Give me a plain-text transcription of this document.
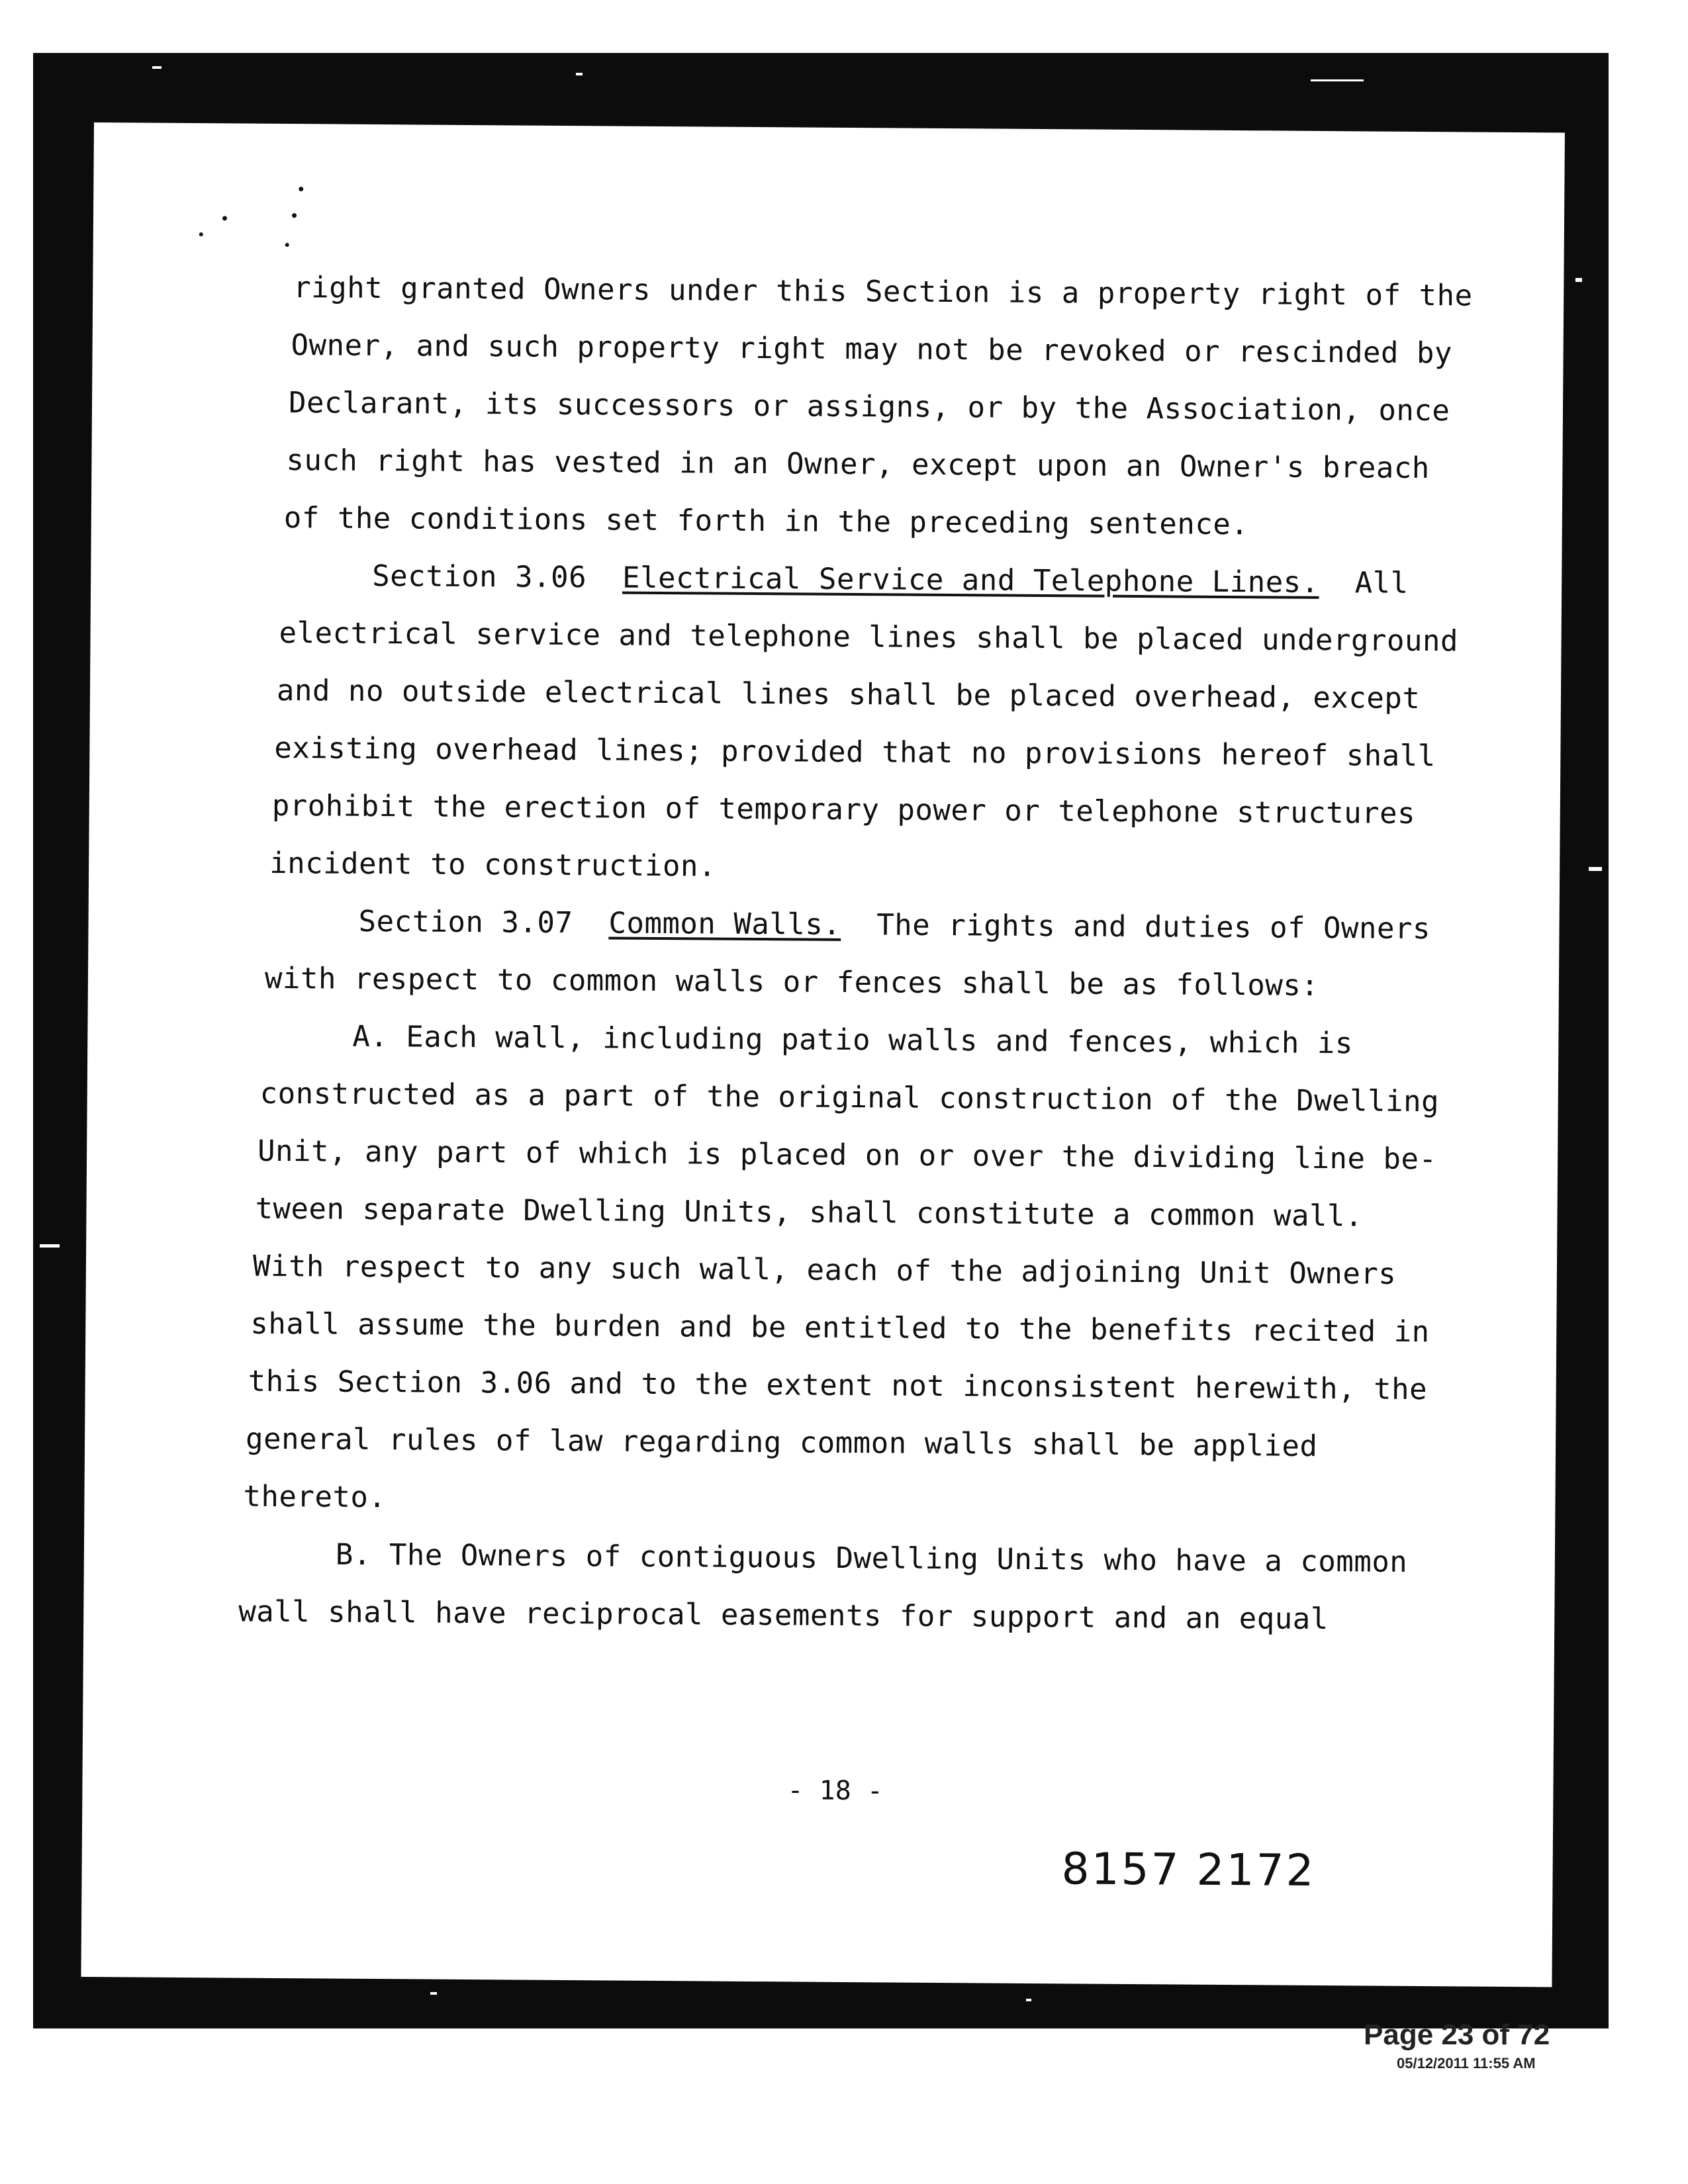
right granted Owners under this Section is a property right of the
Owner, and such property right may not be revoked or rescinded by
Declarant, its successors or assigns, or by the Association, once
such right has vested in an Owner, except upon an Owner's breach
of the conditions set forth in the preceding sentence.
Section 3.06 Electrical Service and Telephone Lines. All
electrical service and telephone lines shall be placed underground
and no outside electrical lines shall be placed overhead, except
existing overhead lines; provided that no provisions hereof shall
prohibit the erection of temporary power or telephone structures
incident to construction.
Section 3.07 Common Walls. The rights and duties of Owners
with respect to common walls or fences shall be as follows:
A. Each wall, including patio walls and fences, which is
constructed as a part of the original construction of the Dwelling
Unit, any part of which is placed on or over the dividing line be-
tween separate Dwelling Units, shall constitute a common wall.
With respect to any such wall, each of the adjoining Unit Owners
shall assume the burden and be entitled to the benefits recited in
this Section 3.06 and to the extent not inconsistent herewith, the
general rules of law regarding common walls shall be applied
thereto.
B. The Owners of contiguous Dwelling Units who have a common
wall shall have reciprocal easements for support and an equal
- 18 -
8157 2172
Page 23 of 72
05/12/2011 11:55 AM
